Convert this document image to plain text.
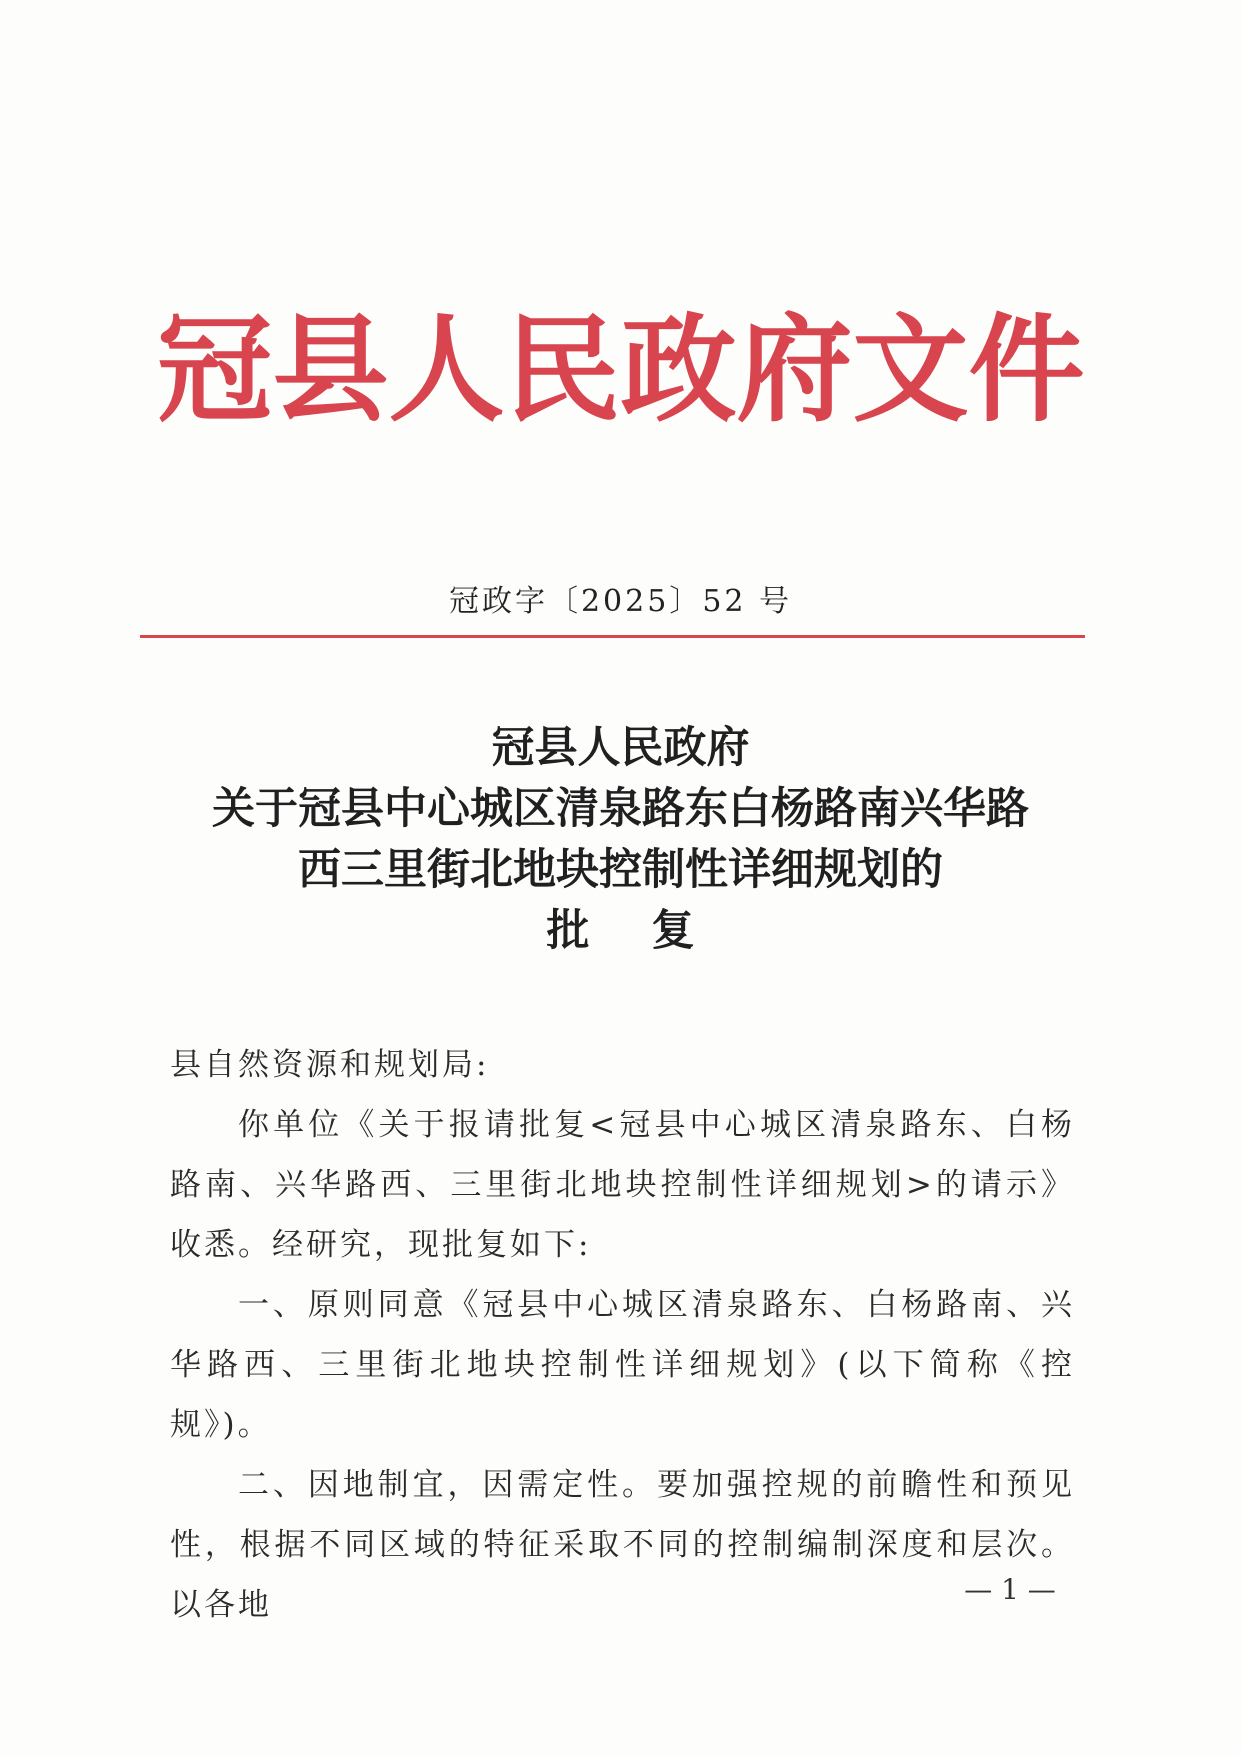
冠县人民政府文件
冠政字〔2025〕52 号
冠县人民政府
关于冠县中心城区清泉路东白杨路南兴华路
西三里街北地块控制性详细规划的
批复

县自然资源和规划局:

你单位《关于报请批复<冠县中心城区清泉路东、白杨路南、兴华路西、三里街北地块控制性详细规划>的请示》收悉。经研究，现批复如下:

一、原则同意《冠县中心城区清泉路东、白杨路南、兴华路西、三里街北地块控制性详细规划》(以下简称《控规》)。

二、因地制宜，因需定性。要加强控规的前瞻性和预见性，根据不同区域的特征采取不同的控制编制深度和层次。以各地	— 1 —
